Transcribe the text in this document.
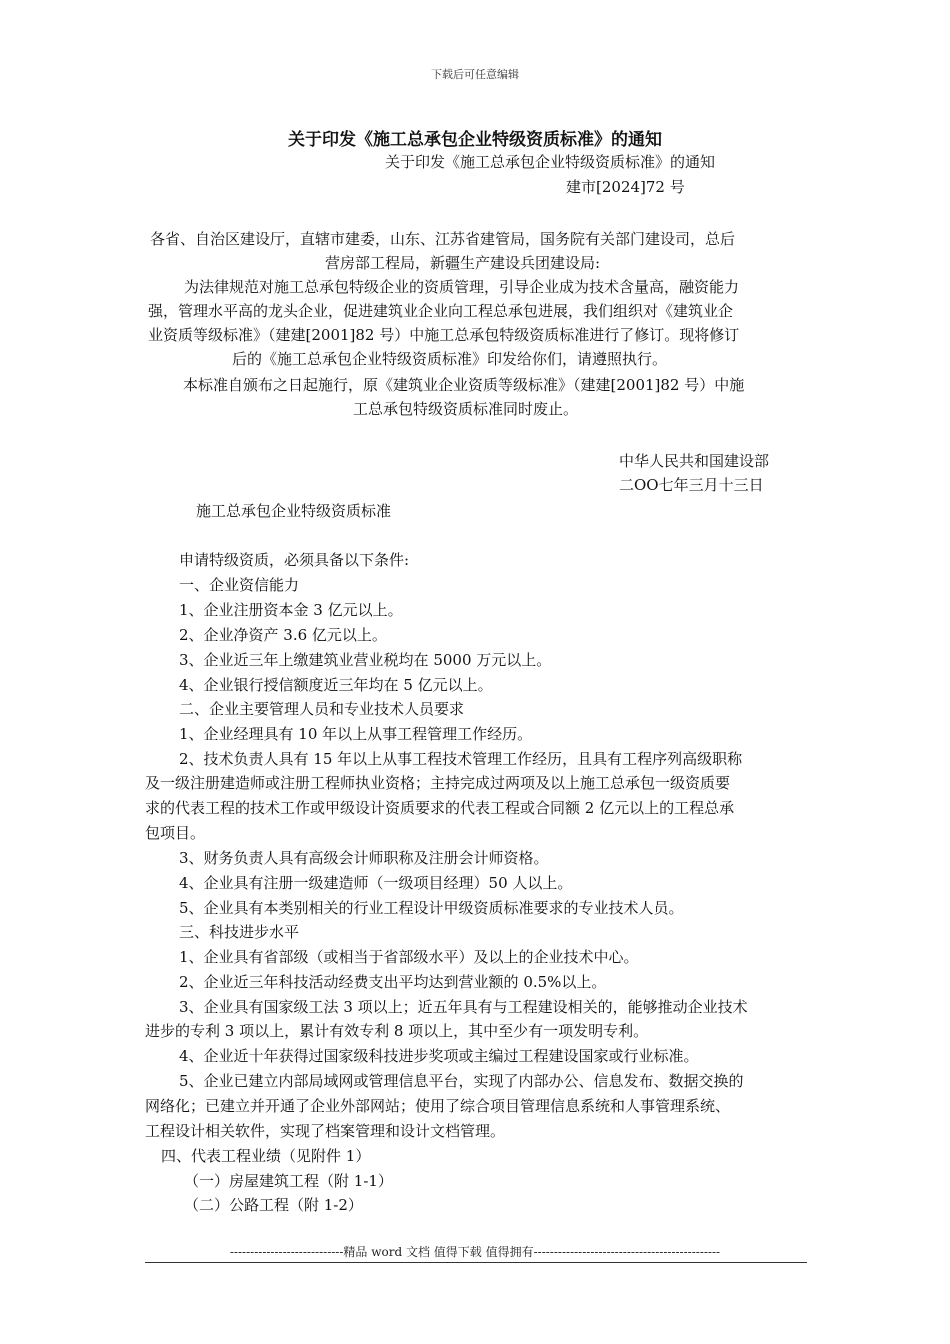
下载后可任意编辑
关于印发《施工总承包企业特级资质标准》的通知
关于印发《施工总承包企业特级资质标准》的通知
建市[2024]72 号
各省、自治区建设厅，直辖市建委，山东、江苏省建管局，国务院有关部门建设司，总后
营房部工程局，新疆生产建设兵团建设局:
为法律规范对施工总承包特级企业的资质管理，引导企业成为技术含量高，融资能力
强，管理水平高的龙头企业，促进建筑业企业向工程总承包进展，我们组织对《建筑业企
业资质等级标准》（建建[2001]82 号）中施工总承包特级资质标准进行了修订。现将修订
后的《施工总承包企业特级资质标准》印发给你们，请遵照执行。
本标准自颁布之日起施行，原《建筑业企业资质等级标准》（建建[2001]82 号）中施
工总承包特级资质标准同时废止。
中华人民共和国建设部
二OO七年三月十三日
施工总承包企业特级资质标准
申请特级资质，必须具备以下条件:
一、企业资信能力
1、企业注册资本金 3 亿元以上。
2、企业净资产 3.6 亿元以上。
3、企业近三年上缴建筑业营业税均在 5000 万元以上。
4、企业银行授信额度近三年均在 5 亿元以上。
二、企业主要管理人员和专业技术人员要求
1、企业经理具有 10 年以上从事工程管理工作经历。
2、技术负责人具有 15 年以上从事工程技术管理工作经历，且具有工程序列高级职称
及一级注册建造师或注册工程师执业资格；主持完成过两项及以上施工总承包一级资质要
求的代表工程的技术工作或甲级设计资质要求的代表工程或合同额 2 亿元以上的工程总承
包项目。
3、财务负责人具有高级会计师职称及注册会计师资格。
4、企业具有注册一级建造师（一级项目经理）50 人以上。
5、企业具有本类别相关的行业工程设计甲级资质标准要求的专业技术人员。
三、科技进步水平
1、企业具有省部级（或相当于省部级水平）及以上的企业技术中心。
2、企业近三年科技活动经费支出平均达到营业额的 0.5%以上。
3、企业具有国家级工法 3 项以上；近五年具有与工程建设相关的，能够推动企业技术
进步的专利 3 项以上，累计有效专利 8 项以上，其中至少有一项发明专利。
4、企业近十年获得过国家级科技进步奖项或主编过工程建设国家或行业标准。
5、企业已建立内部局域网或管理信息平台，实现了内部办公、信息发布、数据交换的
网络化；已建立并开通了企业外部网站；使用了综合项目管理信息系统和人事管理系统、
工程设计相关软件，实现了档案管理和设计文档管理。
四、代表工程业绩（见附件 1）
（一）房屋建筑工程（附 1-1）
（二）公路工程（附 1-2）
----------------------------精品 word 文档 值得下载 值得拥有----------------------------------------------
